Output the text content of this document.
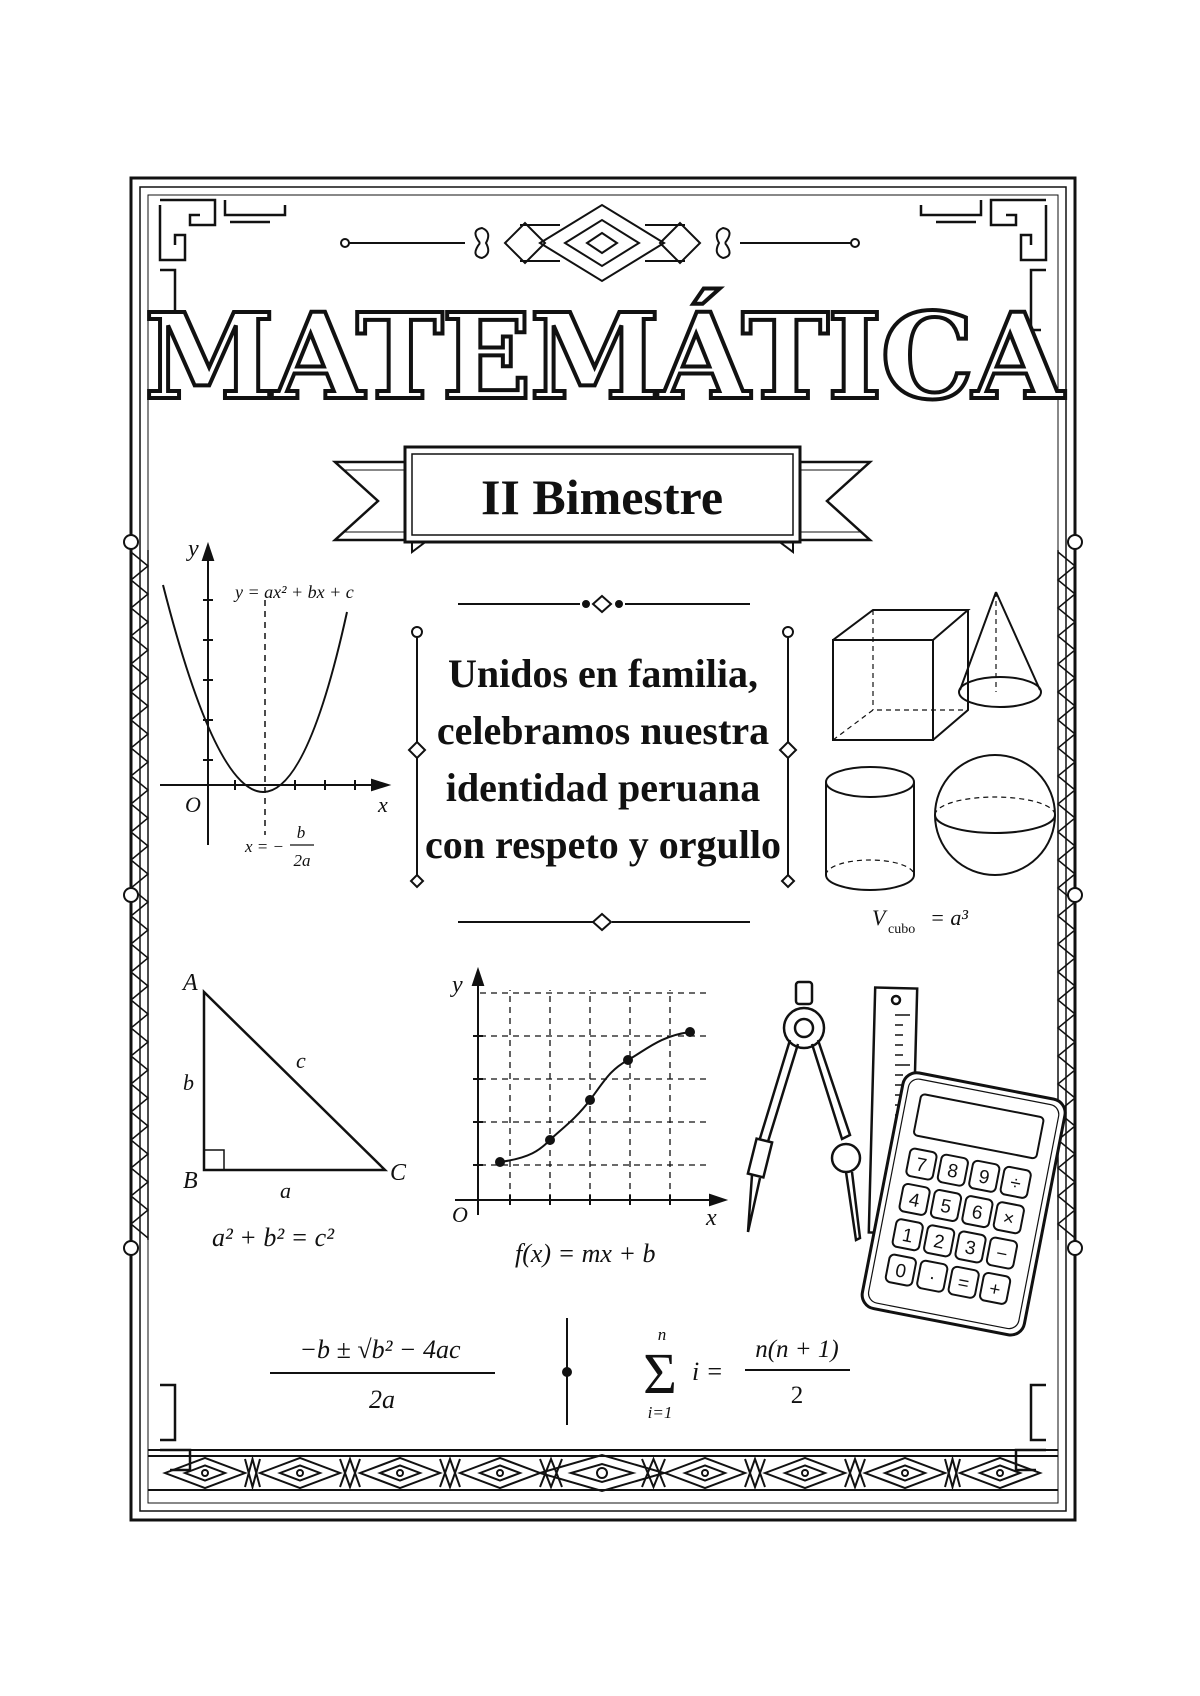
MATEMÁTICA
II Bimestre
Unidos en familia,
celebramos nuestra
identidad peruana
con respeto y orgullo
y
x
O
y = ax² + bx + c
x = −
b
2a
V cubo = a³
A
B	C
a
b
c
a² + b² = c²
y
x
O
f(x) = mx + b
7 8 9 ÷
4 5 6 ×
1 2 3 −
0 · = +
−b ± √b² − 4ac
2a
n
Σ
i=1
i =
n(n + 1)
2
